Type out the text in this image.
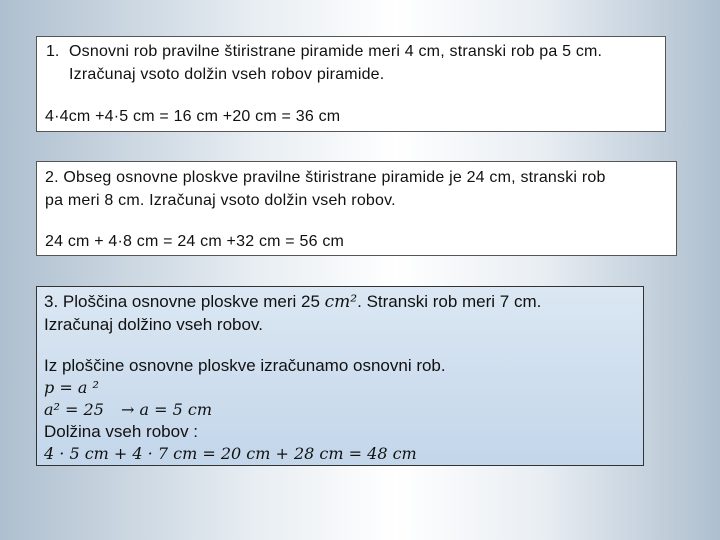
1. Osnovni rob pravilne štiristrane piramide meri 4 cm, stranski rob pa 5 cm.
Izračunaj vsoto dolžin vseh robov piramide.
4·4cm +4·5 cm = 16 cm +20 cm = 36 cm
2. Obseg osnovne ploskve pravilne štiristrane piramide je 24 cm, stranski rob
pa meri 8 cm. Izračunaj vsoto dolžin vseh robov.
24 cm + 4·8 cm = 24 cm +32 cm = 56 cm
3. Ploščina osnovne ploskve meri 25 cm². Stranski rob meri 7 cm.
Izračunaj dolžino vseh robov.
Iz ploščine osnovne ploskve izračunamo osnovni rob.
p = a ²
a² = 25 → a = 5 cm
Dolžina vseh robov :
4 · 5 cm + 4 · 7 cm = 20 cm + 28 cm = 48 cm
